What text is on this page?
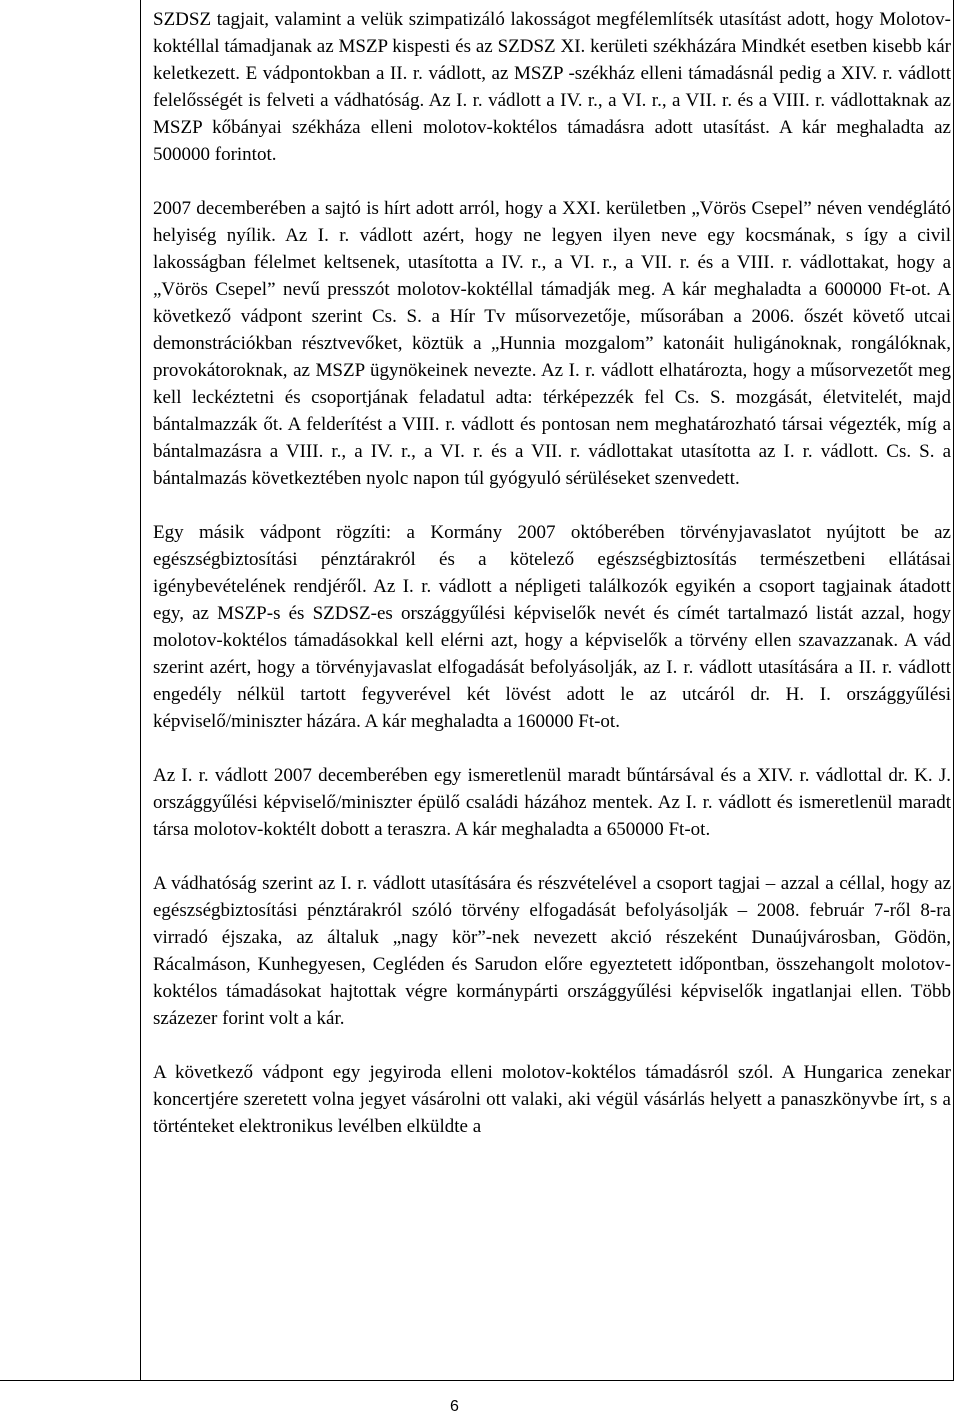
SZDSZ tagjait, valamint a velük szimpatizáló lakosságot megfélemlítsék utasítást adott, hogy Molotov-koktéllal támadjanak az MSZP kispesti és az SZDSZ XI. kerületi székházára Mindkét esetben kisebb kár keletkezett. E vádpontokban a II. r. vádlott, az MSZP -székház elleni támadásnál pedig a XIV. r. vádlott felelősségét is felveti a vádhatóság. Az I. r. vádlott a IV. r., a VI. r., a VII. r. és a VIII. r. vádlottaknak az MSZP kőbányai székháza elleni molotov-koktélos támadásra adott utasítást. A kár meghaladta az 500000 forintot.

2007 decemberében a sajtó is hírt adott arról, hogy a XXI. kerületben „Vörös Csepel” néven vendéglátó helyiség nyílik. Az I. r. vádlott azért, hogy ne legyen ilyen neve egy kocsmának, s így a civil lakosságban félelmet keltsenek, utasította a IV. r., a VI. r., a VII. r. és a VIII. r. vádlottakat, hogy a „Vörös Csepel” nevű presszót molotov-koktéllal támadják meg. A kár meghaladta a 600000 Ft-ot. A következő vádpont szerint Cs. S. a Hír Tv műsorvezetője, műsorában a 2006. őszét követő utcai demonstrációkban résztvevőket, köztük a „Hunnia mozgalom” katonáit huligánoknak, rongálóknak, provokátoroknak, az MSZP ügynökeinek nevezte. Az I. r. vádlott elhatározta, hogy a műsorvezetőt meg kell leckéztetni és csoportjának feladatul adta: térképezzék fel Cs. S. mozgását, életvitelét, majd bántalmazzák őt. A felderítést a VIII. r. vádlott és pontosan nem meghatározható társai végezték, míg a bántalmazásra a VIII. r., a IV. r., a VI. r. és a VII. r. vádlottakat utasította az I. r. vádlott. Cs. S. a bántalmazás következtében nyolc napon túl gyógyuló sérüléseket szenvedett.

Egy másik vádpont rögzíti: a Kormány 2007 októberében törvényjavaslatot nyújtott be az egészségbiztosítási pénztárakról és a kötelező egészségbiztosítás természetbeni ellátásai igénybevételének rendjéről. Az I. r. vádlott a népligeti találkozók egyikén a csoport tagjainak átadott egy, az MSZP-s és SZDSZ-es országgyűlési képviselők nevét és címét tartalmazó listát azzal, hogy molotov-koktélos támadásokkal kell elérni azt, hogy a képviselők a törvény ellen szavazzanak. A vád szerint azért, hogy a törvényjavaslat elfogadását befolyásolják, az I. r. vádlott utasítására a II. r. vádlott engedély nélkül tartott fegyverével két lövést adott le az utcáról dr. H. I. országgyűlési képviselő/miniszter házára. A kár meghaladta a 160000 Ft-ot.

Az I. r. vádlott 2007 decemberében egy ismeretlenül maradt bűntársával és a XIV. r. vádlottal dr. K. J. országgyűlési képviselő/miniszter épülő családi házához mentek. Az I. r. vádlott és ismeretlenül maradt társa molotov-koktélt dobott a teraszra. A kár meghaladta a 650000 Ft-ot.

A vádhatóság szerint az I. r. vádlott utasítására és részvételével a csoport tagjai – azzal a céllal, hogy az egészségbiztosítási pénztárakról szóló törvény elfogadását befolyásolják – 2008. február 7-ről 8-ra virradó éjszaka, az általuk „nagy kör”-nek nevezett akció részeként Dunaújvárosban, Gödön, Rácalmáson, Kunhegyesen, Cegléden és Sarudon előre egyeztetett időpontban, összehangolt molotov-koktélos támadásokat hajtottak végre kormánypárti országgyűlési képviselők ingatlanjai ellen. Több százezer forint volt a kár.

A következő vádpont egy jegyiroda elleni molotov-koktélos támadásról szól. A Hungarica zenekar koncertjére szeretett volna jegyet vásárolni ott valaki, aki végül vásárlás helyett a panaszkönyvbe írt, s a történteket elektronikus levélben elküldte a

6
